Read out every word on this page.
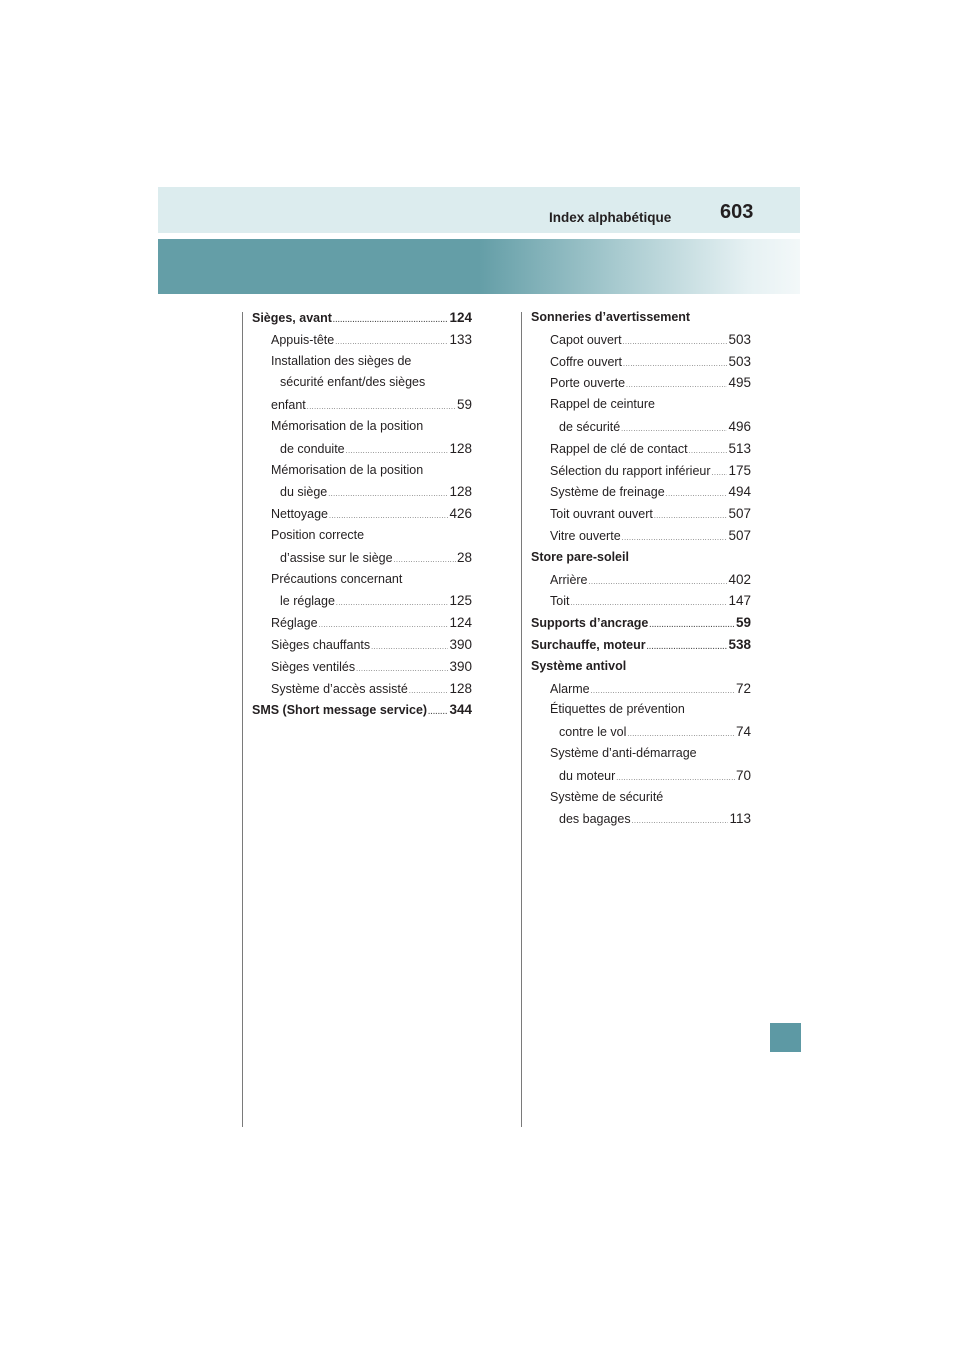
Index alphabétique 603
Sièges, avant .....	124
Appuis-tête .....	133
Installation des sièges de
sécurité enfant/des sièges
enfant .....	59
Mémorisation de la position
de conduite .....	128
Mémorisation de la position
du siège .....	128
Nettoyage .....	426
Position correcte
d’assise sur le siège .....	28
Précautions concernant
le réglage .....	125
Réglage .....	124
Sièges chauffants .....	390
Sièges ventilés .....	390
Système d’accès assisté .....	128
SMS (Short message service) ..... 344
Sonneries d’avertissement
Capot ouvert .....	503
Coffre ouvert .....	503
Porte ouverte .....	495
Rappel de ceinture
de sécurité .....	496
Rappel de clé de contact .....	513
Sélection du rapport inférieur ..... 175
Système de freinage .....	494
Toit ouvrant ouvert .....	507
Vitre ouverte .....	507
Store pare-soleil
Arrière .....	402
Toit .....	147
Supports d’ancrage .....	59
Surchauffe, moteur .....	538
Système antivol
Alarme .....	72
Étiquettes de prévention
contre le vol .....	74
Système d’anti-démarrage
du moteur .....	70
Système de sécurité
des bagages .....	113
